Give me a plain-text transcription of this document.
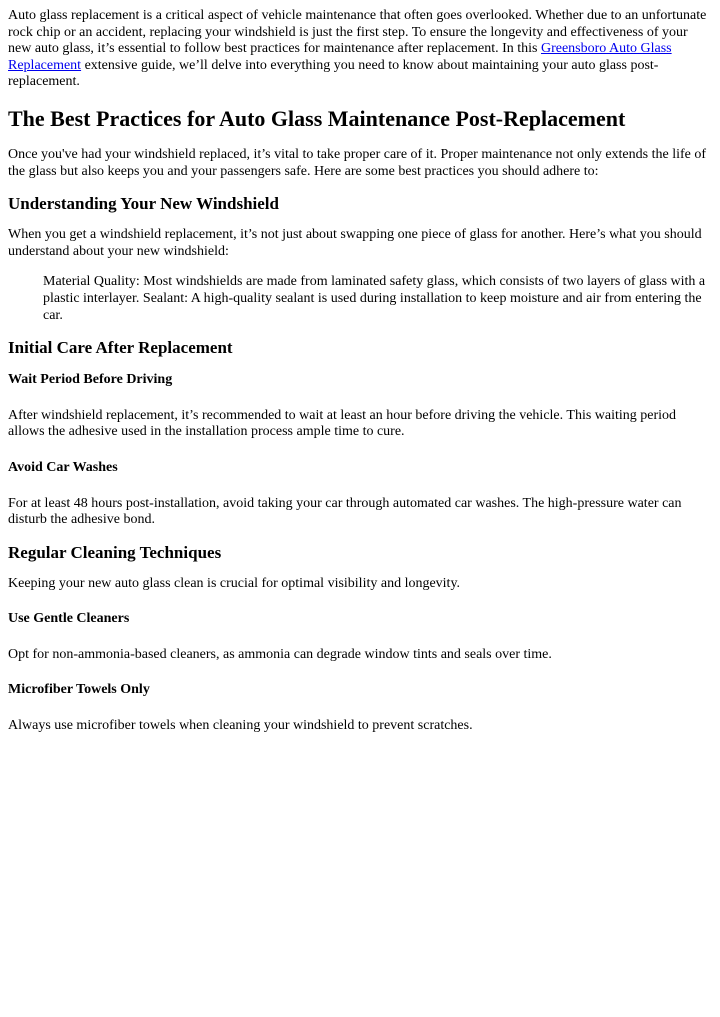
Auto glass replacement is a critical aspect of vehicle maintenance that often goes overlooked. Whether due to an unfortunate rock chip or an accident, replacing your windshield is just the first step. To ensure the longevity and effectiveness of your new auto glass, it’s essential to follow best practices for maintenance after replacement. In this Greensboro Auto Glass Replacement extensive guide, we’ll delve into everything you need to know about maintaining your auto glass post-replacement.

The Best Practices for Auto Glass Maintenance Post-Replacement

Once you've had your windshield replaced, it’s vital to take proper care of it. Proper maintenance not only extends the life of the glass but also keeps you and your passengers safe. Here are some best practices you should adhere to:

Understanding Your New Windshield

When you get a windshield replacement, it’s not just about swapping one piece of glass for another. Here’s what you should understand about your new windshield:

Material Quality: Most windshields are made from laminated safety glass, which consists of two layers of glass with a plastic interlayer. Sealant: A high-quality sealant is used during installation to keep moisture and air from entering the car.
Initial Care After Replacement
Wait Period Before Driving

After windshield replacement, it’s recommended to wait at least an hour before driving the vehicle. This waiting period allows the adhesive used in the installation process ample time to cure.

Avoid Car Washes

For at least 48 hours post-installation, avoid taking your car through automated car washes. The high-pressure water can disturb the adhesive bond.

Regular Cleaning Techniques

Keeping your new auto glass clean is crucial for optimal visibility and longevity.

Use Gentle Cleaners

Opt for non-ammonia-based cleaners, as ammonia can degrade window tints and seals over time.

Microfiber Towels Only

Always use microfiber towels when cleaning your windshield to prevent scratches.
